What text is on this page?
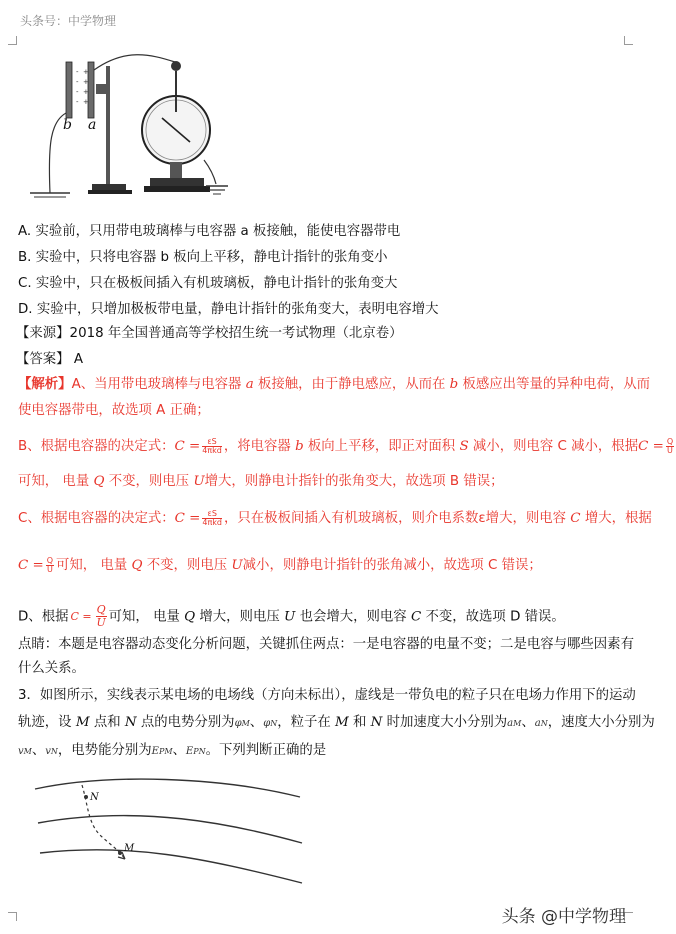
头条号：中学物理
-
-
-
-
+
+
+
+
b a
A. 实验前，只用带电玻璃棒与电容器 a 板接触，能使电容器带电
B. 实验中，只将电容器 b 板向上平移，静电计指针的张角变小
C. 实验中，只在极板间插入有机玻璃板，静电计指针的张角变大
D. 实验中，只增加极板带电量，静电计指针的张角变大，表明电容增大
【来源】2018 年全国普通高等学校招生统一考试物理（北京卷）
【答案】 A
【解析】A、当用带电玻璃棒与电容器 a 板接触，由于静电感应，从而在 b 板感应出等量的异种电荷，从而
使电容器带电，故选项 A 正确；
B、根据电容器的决定式：$C = \frac{\varepsilon S}{\text{4πkd}}$ ，将电容器 b 板向上平移，即正对面积 S 减小，则电容 C 减小，根据$C = \frac{Q}{U}$
可知， 电量 Q 不变，则电压 U增大，则静电计指针的张角变大，故选项 B 错误；
C、根据电容器的决定式：$C = \frac{\varepsilon S}{\text{4πkd}}$ ，只在极板间插入有机玻璃板，则介电系数ε增大，则电容 C 增大，根据
$C = \frac{Q}{U}$ 可知， 电量 Q 不变，则电压 U减小，则静电计指针的张角减小，故选项 C 错误；
D、根据 $C = \frac{Q}{U}$ 可知， 电量 Q 增大，则电压 U 也会增大，则电容 C 不变，故选项 D 错误。
点睛：本题是电容器动态变化分析问题，关键抓住两点：一是电容器的电量不变；二是电容与哪些因素有
什么关系。
3．如图所示，实线表示某电场的电场线（方向未标出），虚线是一带负电的粒子只在电场力作用下的运动
轨迹，设 M 点和 N 点的电势分别为φM、φN，粒子在 M 和 N 时加速度大小分别为aM、aN，速度大小分别为
vM、vN，电势能分别为EPM、EPN。下列判断正确的是
N
M
头条 @中学物理
